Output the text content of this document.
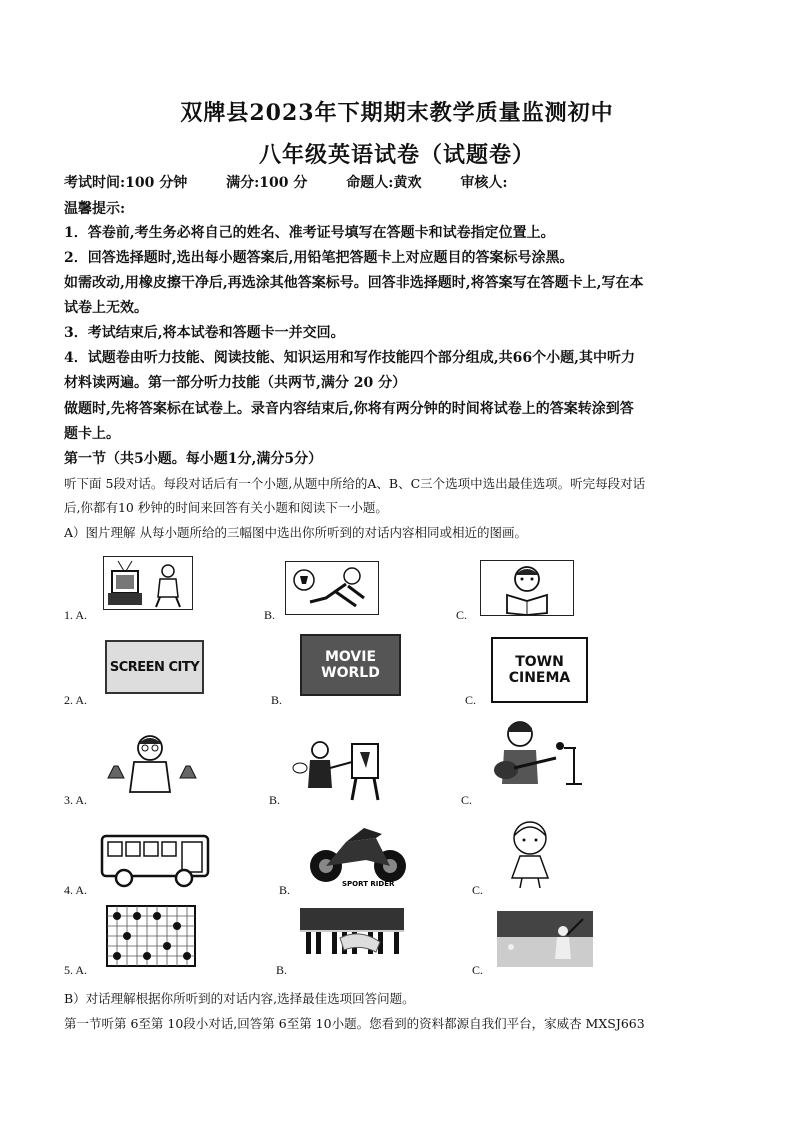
双牌县2023年下期期末教学质量监测初中
八年级英语试卷（试题卷）
考试时间:100 分钟	满分:100 分	命题人:黄欢	审核人:
温馨提示:
1．答卷前,考生务必将自己的姓名、准考证号填写在答题卡和试卷指定位置上。
2．回答选择题时,选出每小题答案后,用铅笔把答题卡上对应题目的答案标号涂黑。
如需改动,用橡皮擦干净后,再选涂其他答案标号。回答非选择题时,将答案写在答题卡上,写在本
试卷上无效。
3．考试结束后,将本试卷和答题卡一并交回。
4．试题卷由听力技能、阅读技能、知识运用和写作技能四个部分组成,共66个小题,其中听力
材料读两遍。第一部分听力技能（共两节,满分 20 分）
做题时,先将答案标在试卷上。录音内容结束后,你将有两分钟的时间将试卷上的答案转涂到答
题卡上。
第一节（共5小题。每小题1分,满分5分）
听下面 5段对话。每段对话后有一个小题,从题中所给的A、B、C三个选项中选出最佳选项。听完每段对话
后,你都有10 秒钟的时间来回答有关小题和阅读下一小题。
A）图片理解 从每小题所给的三幅图中选出你所听到的对话内容相同或相近的图画。
1. A.	B.	C.
2. A.
SCREEN CITY
B.
MOVIE
WORLD
C.
TOWN
CINEMA
3. A.	B.	C.
4. A.	B.	SPORT RIDER	C.
5. A.	B.	C.
B）对话理解根据你所听到的对话内容,选择最佳选项回答问题。
第一节听第 6至第 10段小对话,回答第 6至第 10小题。您看到的资料都源自我们平台，家威杏 MXSJ663
